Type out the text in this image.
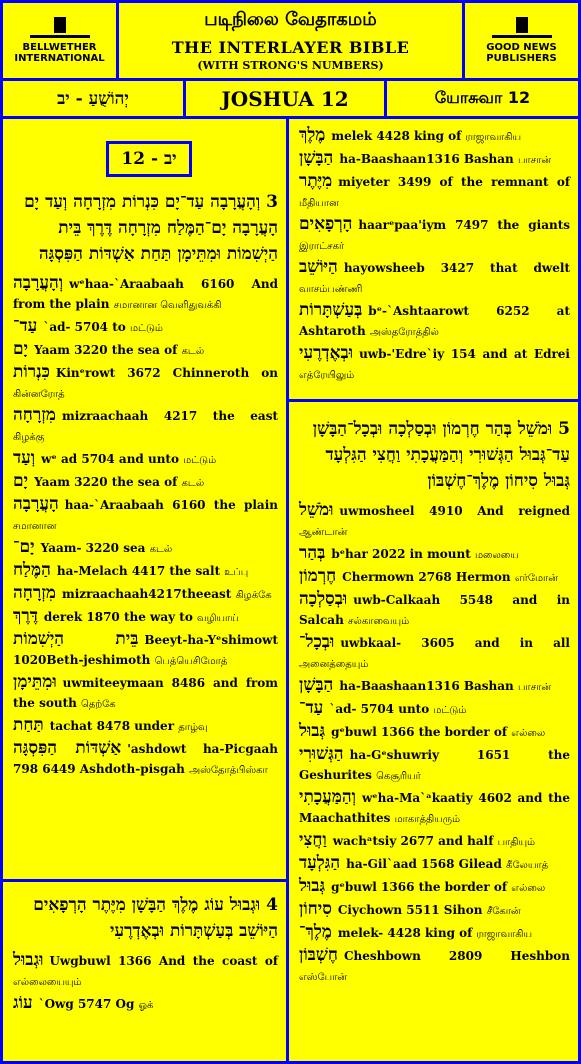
BELLWETHER INTERNATIONAL
படிநிலை வேதாகமம்
THE INTERLAYER BIBLE
(WITH STRONG'S NUMBERS)
GOOD NEWS PUBLISHERS
יְהוֹשֻׁעַ - יב	JOSHUA 12	யோசுவா 12
3 וְהָעֲרָבָה עַד־יָם כִּנְרוֹת מִזְרָחָה וְעַד יָם הָעֲרָבָה יָם־הַמֶּלַח מִזְרָחָה דֶּרֶךְ בֵּית הַיְשִׁמוֹת וּמִתֵּימָן תַּחַת אַשְׁדּוֹת הַפִּסְגָּה
וְהָעֲרָבָה wᵉhaa-`Araabaah 6160 And from the plain சமானான வெளிதுவக்கி
עַד־ `ad- 5704 to மட்டும்
יָם Yaam 3220 the sea of கடல்
כִּנְרוֹת Kinᵉrowt 3672 Chinneroth on கின்னரோத்
מִזְרָחָה mizraachaah 4217 the east கிழக்கு
וְעַד wᵉ ad 5704 and unto மட்டும்
יָם Yaam 3220 the sea of கடல்
הָעֲרָבָה haa-`Araabaah 6160 the plain சமானான
יָם־ Yaam- 3220 sea கடல்
הַמֶּלַח ha-Melach 4417 the salt உப்பு
מִזְרָחָה mizraachaah4217theeast கிழக்கே
דֶּרֶךְ derek 1870 the way to வழியாய்
בֵּית הַיְשִׁמוֹת Beeyt-ha-Yᵉshimowt 1020Beth-jeshimoth பெத்யெசிமோத்
וּמִתֵּימָן uwmiteeymaan 8486 and from the south தெற்கே
תַּחַת tachat 8478 under தாழ்வு
אַשְׁדּוֹת הַפִּסְגָּה 'ashdowt ha-Picgaah 798 6449 Ashdoth-pisgah அஸ்தோத்பிஸ்கா
12 - יב
4 וּגְבוּל עוֹג מֶלֶךְ הַבָּשָׁן מִיֶּתֶר הָרְפָאִים הַיּוֹשֵׁב בְּעַשְׁתָּרוֹת וּבְאֶדְרֶעִי
וּגְבוּל Uwgbuwl 1366 And the coast of எல்லையையும்
עוֹג `Owg 5747 Og ஓக்
מֶלֶךְ melek 4428 king of ராஜாவாகிய
הַבָּשָׁן ha-Baashaan1316 Bashan பாசான்
מִיֶּתֶר miyeter 3499 of the remnant of மீதியான
הָרְפָאִים haarᵉpaa'iym 7497 the giants இராட்சகர்
הַיּוֹשֵׁב hayowsheeb 3427 that dwelt வாசம்பண்ணி
בְּעַשְׁתָּרוֹת bᵉ-`Ashtaarowt 6252 at Ashtaroth அஸ்தரோத்தில்
וּבְאֶדְרֶעִי uwb-'Edre`iy 154 and at Edrei எத்ரேயிலும்
5 וּמֹשֵׁל בְּהַר חֶרְמוֹן וּבְסַלְכָה וּבְכָל־הַבָּשָׁן עַד־גְּבוּל הַגְּשׁוּרִי וְהַמַּעֲכָתִי וַחֲצִי הַגִּלְעָד גְּבוּל סִיחוֹן מֶלֶךְ־חֶשְׁבּוֹן
וּמֹשֵׁל uwmosheel 4910 And reigned ஆண்டான்
בְּהַר bᵉhar 2022 in mount மலையை
חֶרְמוֹן Chermown 2768 Hermon எர்மோன்
וּבְסַלְכָה uwb-Calkaah 5548 and in Salcah சல்காவையும்
וּבְכָל־ uwbkaal- 3605 and in all அனைத்தையும்
הַבָּשָׁן ha-Baashaan1316 Bashan பாசான்
עַד־ `ad- 5704 unto மட்டும்
גְּבוּל gᵉbuwl 1366 the border of எல்லை
הַגְּשׁוּרִי ha-Gᵉshuwriy 1651 the Geshurites கெசூரியர்
וְהַמַּעֲכָתִי wᵉha-Ma`ᵃkaatiy 4602 and the Maachathites மாகாத்தியரும்
וַחֲצִי wachᵃtsiy 2677 and half பாதியும்
הַגִּלְעָד ha-Gil`aad 1568 Gilead கீலேயாத்
גְּבוּל gᵉbuwl 1366 the border of எல்லை
סִיחוֹן Ciychown 5511 Sihon சீகோன்
מֶלֶךְ־ melek- 4428 king of ராஜாவாகிய
חֶשְׁבּוֹן Cheshbown 2809 Heshbon எஸ்போன்
